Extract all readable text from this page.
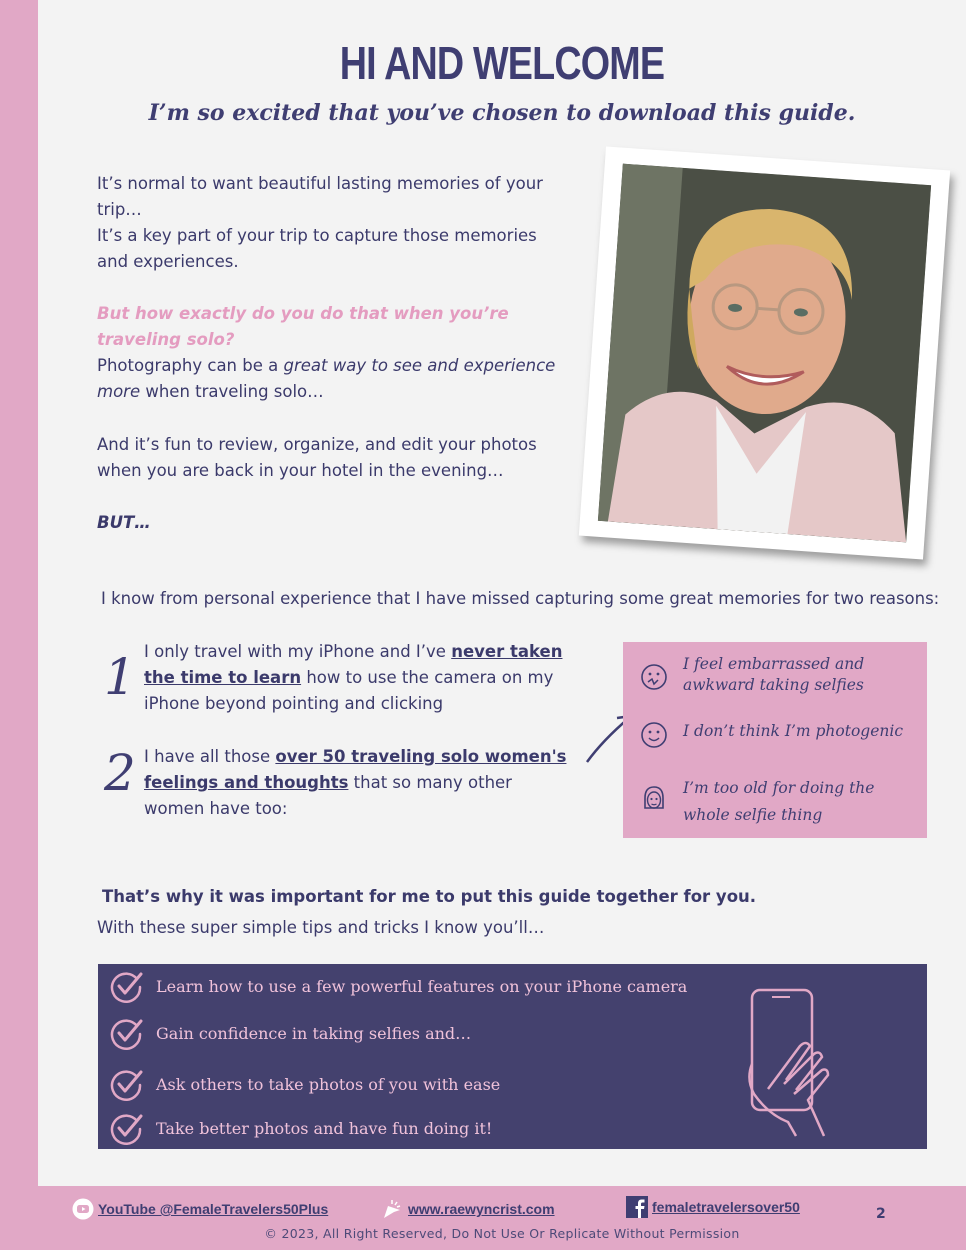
HI AND WELCOME
I’m so excited that you’ve chosen to download this guide.

It’s normal to want beautiful lasting memories of your trip…

It’s a key part of your trip to capture those memories and experiences.

But how exactly do you do that when you’re traveling solo?

Photography can be a great way to see and experience more when traveling solo…

And it’s fun to review, organize, and edit your photos when you are back in your hotel in the evening…

BUT…

I know from personal experience that I have missed capturing some great memories for two reasons:

1 I only travel with my iPhone and I’ve never taken the time to learn how to use the camera on my iPhone beyond pointing and clicking

2 I have all those over 50 traveling solo women's feelings and thoughts that so many other women have too:

I feel embarrassed and awkward taking selfies
I don’t think I’m photogenic
I’m too old for doing the whole selfie thing

That’s why it was important for me to put this guide together for you.

With these super simple tips and tricks I know you’ll…

Learn how to use a few powerful features on your iPhone camera
Gain confidence in taking selfies and…
Ask others to take photos of you with ease
Take better photos and have fun doing it!
YouTube @FemaleTravelers50Plus	www.raewyncrist.com	femaletravelersover50	2
© 2023, All Right Reserved, Do Not Use Or Replicate Without Permission
